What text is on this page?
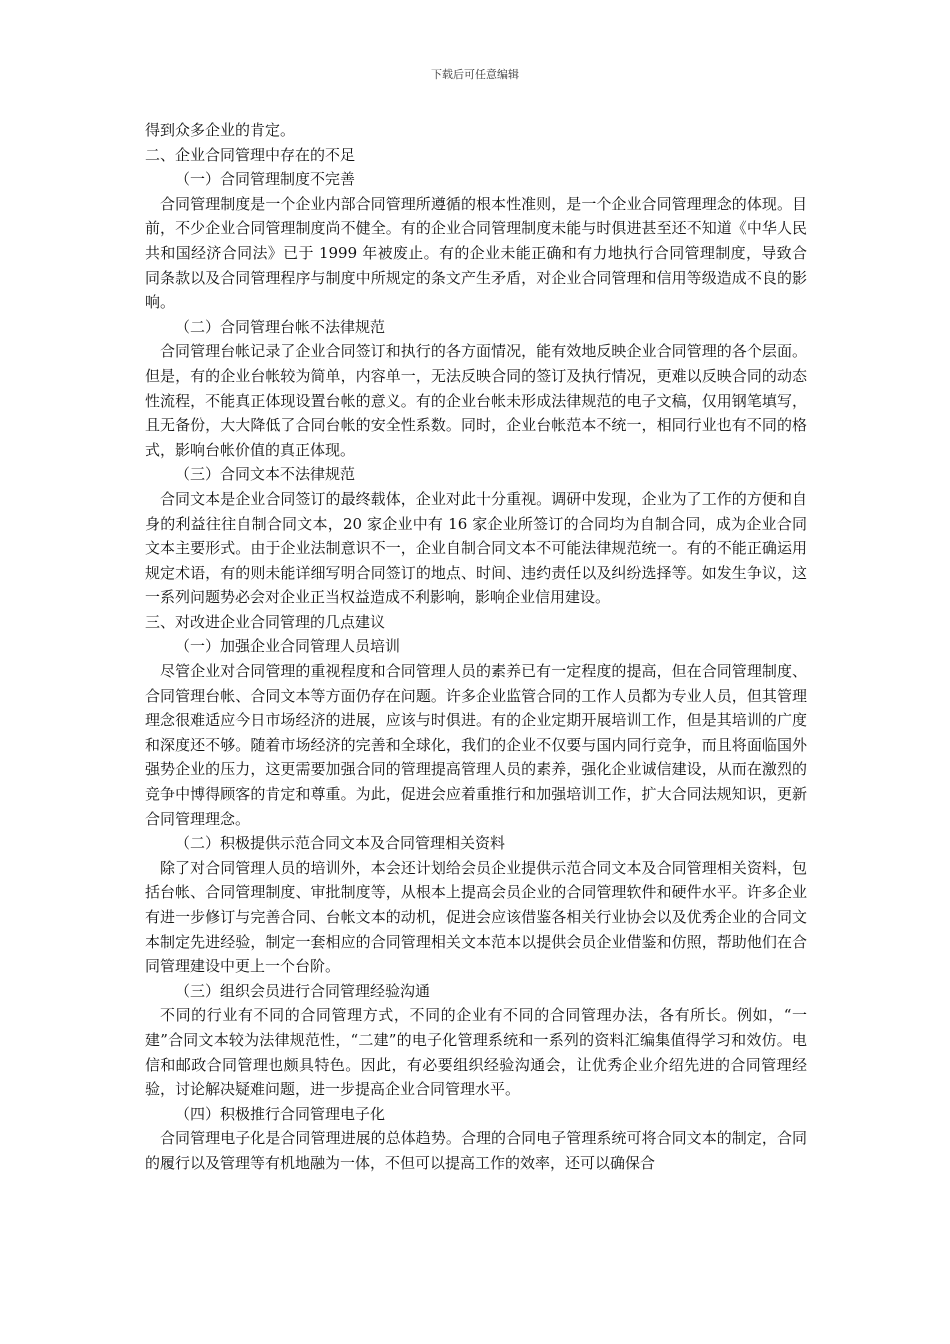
下载后可任意编辑

得到众多企业的肯定。

二、企业合同管理中存在的不足

（一）合同管理制度不完善

合同管理制度是一个企业内部合同管理所遵循的根本性准则，是一个企业合同管理理念的体现。目前，不少企业合同管理制度尚不健全。有的企业合同管理制度未能与时俱进甚至还不知道《中华人民共和国经济合同法》已于 1999 年被废止。有的企业未能正确和有力地执行合同管理制度，导致合同条款以及合同管理程序与制度中所规定的条文产生矛盾，对企业合同管理和信用等级造成不良的影响。

（二）合同管理台帐不法律规范

合同管理台帐记录了企业合同签订和执行的各方面情况，能有效地反映企业合同管理的各个层面。但是，有的企业台帐较为简单，内容单一，无法反映合同的签订及执行情况，更难以反映合同的动态性流程，不能真正体现设置台帐的意义。有的企业台帐未形成法律规范的电子文稿，仅用钢笔填写，且无备份，大大降低了合同台帐的安全性系数。同时，企业台帐范本不统一，相同行业也有不同的格式，影响台帐价值的真正体现。

（三）合同文本不法律规范

合同文本是企业合同签订的最终载体，企业对此十分重视。调研中发现，企业为了工作的方便和自身的利益往往自制合同文本，20 家企业中有 16 家企业所签订的合同均为自制合同，成为企业合同文本主要形式。由于企业法制意识不一，企业自制合同文本不可能法律规范统一。有的不能正确运用规定术语，有的则未能详细写明合同签订的地点、时间、违约责任以及纠纷选择等。如发生争议，这一系列问题势必会对企业正当权益造成不利影响，影响企业信用建设。

三、对改进企业合同管理的几点建议

（一）加强企业合同管理人员培训

尽管企业对合同管理的重视程度和合同管理人员的素养已有一定程度的提高，但在合同管理制度、合同管理台帐、合同文本等方面仍存在问题。许多企业监管合同的工作人员都为专业人员，但其管理理念很难适应今日市场经济的进展，应该与时俱进。有的企业定期开展培训工作，但是其培训的广度和深度还不够。随着市场经济的完善和全球化，我们的企业不仅要与国内同行竞争，而且将面临国外强势企业的压力，这更需要加强合同的管理提高管理人员的素养，强化企业诚信建设，从而在激烈的竞争中博得顾客的肯定和尊重。为此，促进会应着重推行和加强培训工作，扩大合同法规知识，更新合同管理理念。

（二）积极提供示范合同文本及合同管理相关资料

除了对合同管理人员的培训外，本会还计划给会员企业提供示范合同文本及合同管理相关资料，包括台帐、合同管理制度、审批制度等，从根本上提高会员企业的合同管理软件和硬件水平。许多企业有进一步修订与完善合同、台帐文本的动机，促进会应该借鉴各相关行业协会以及优秀企业的合同文本制定先进经验，制定一套相应的合同管理相关文本范本以提供会员企业借鉴和仿照，帮助他们在合同管理建设中更上一个台阶。

（三）组织会员进行合同管理经验沟通

不同的行业有不同的合同管理方式，不同的企业有不同的合同管理办法，各有所长。例如，“一建”合同文本较为法律规范性，“二建”的电子化管理系统和一系列的资料汇编集值得学习和效仿。电信和邮政合同管理也颇具特色。因此，有必要组织经验沟通会，让优秀企业介绍先进的合同管理经验，讨论解决疑难问题，进一步提高企业合同管理水平。

（四）积极推行合同管理电子化

合同管理电子化是合同管理进展的总体趋势。合理的合同电子管理系统可将合同文本的制定，合同的履行以及管理等有机地融为一体，不但可以提高工作的效率，还可以确保合
